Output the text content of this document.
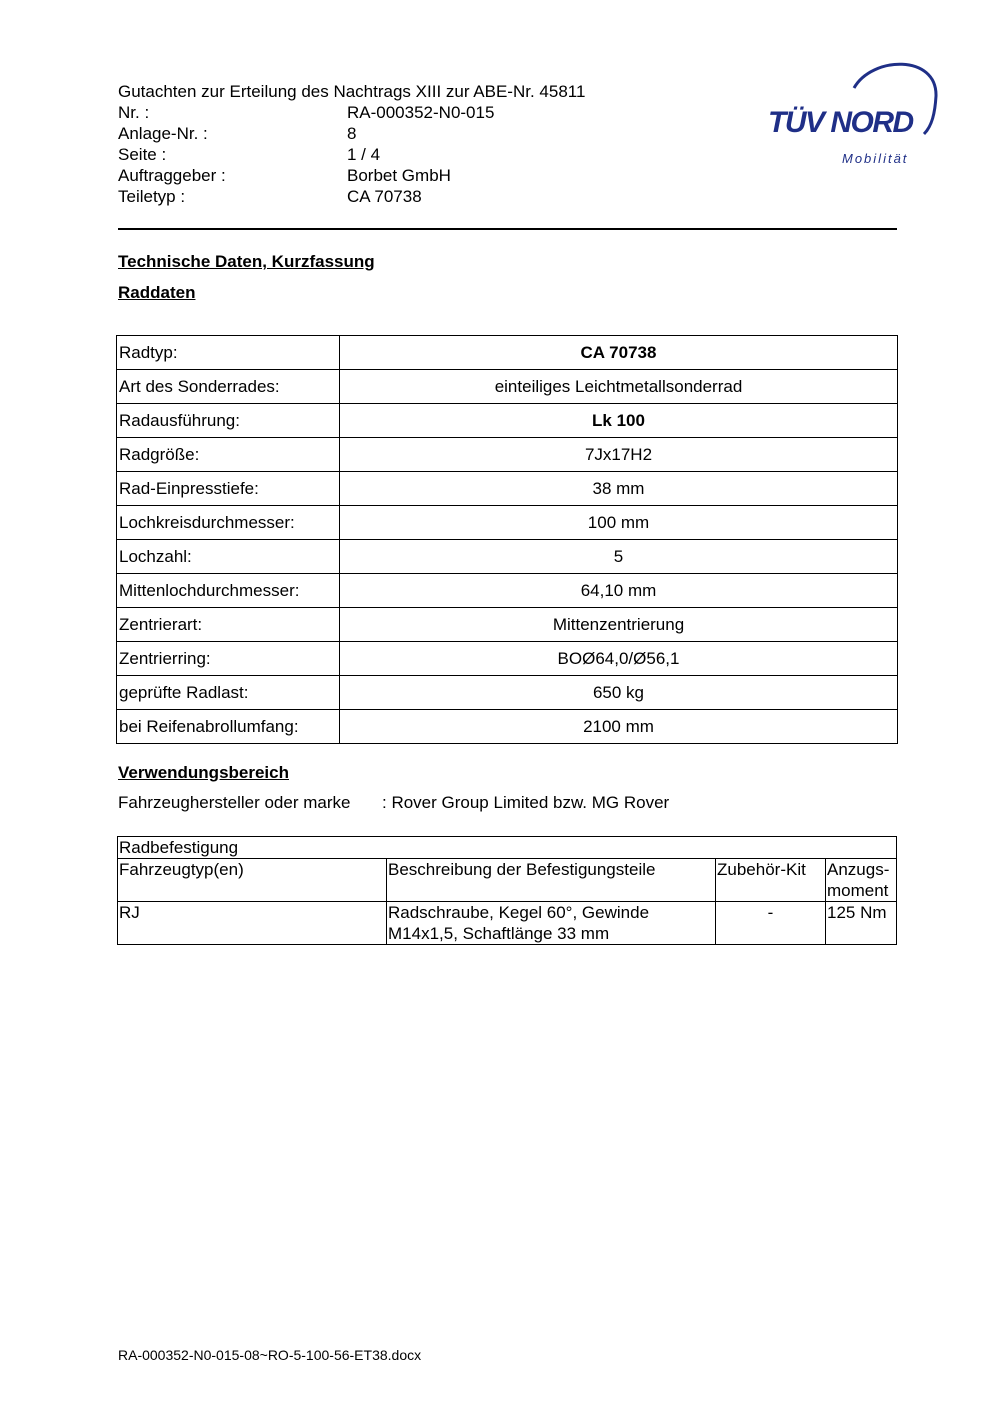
Gutachten zur Erteilung des Nachtrags XIII zur ABE-Nr. 45811
Nr. :	RA-000352-N0-015
Anlage-Nr. :	8
Seite :	1 / 4
Auftraggeber :	Borbet GmbH
Teiletyp :	CA 70738
TÜV NORD
Mobilität
Technische Daten, Kurzfassung
Raddaten
Radtyp:	CA 70738
Art des Sonderrades:	einteiliges Leichtmetallsonderrad
Radausführung:	Lk 100
Radgröße:	7Jx17H2
Rad-Einpresstiefe:	38 mm
Lochkreisdurchmesser:	100 mm
Lochzahl:	5
Mittenlochdurchmesser:	64,10 mm
Zentrierart:	Mittenzentrierung
Zentrierring:	BOØ64,0/Ø56,1
geprüfte Radlast:	650 kg
bei Reifenabrollumfang:	2100 mm
Verwendungsbereich
Fahrzeughersteller oder marke : Rover Group Limited bzw. MG Rover
Radbefestigung			
Fahrzeugtyp(en)	Beschreibung der Befestigungsteile	Zubehör-Kit	Anzugs-moment
RJ	Radschraube, Kegel 60°, Gewinde M14x1,5, Schaftlänge 33 mm	-	125 Nm
RA-000352-N0-015-08~RO-5-100-56-ET38.docx
